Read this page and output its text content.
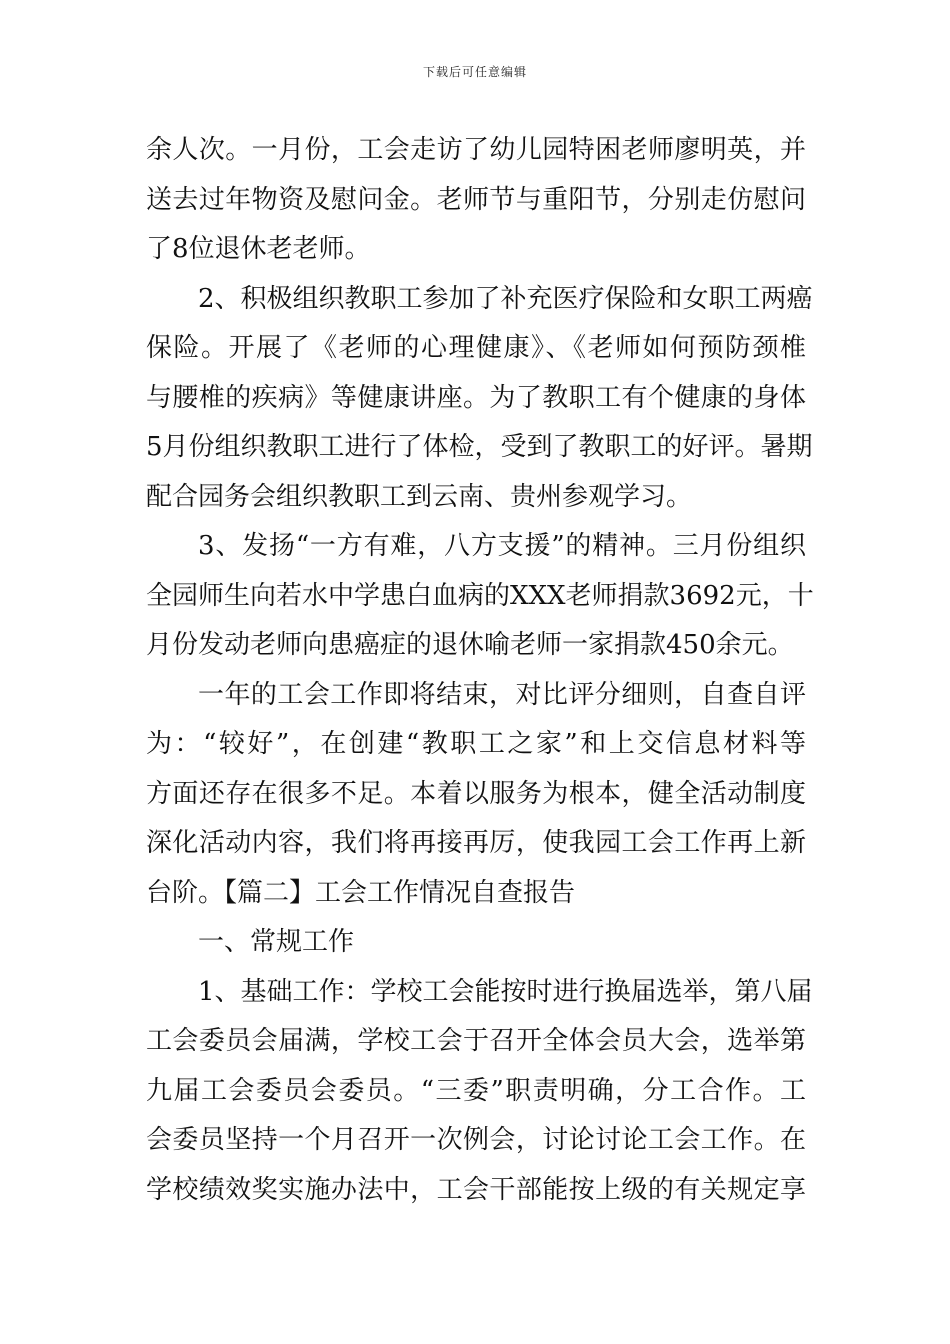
下载后可任意编辑
余人次。一月份，工会走访了幼儿园特困老师廖明英，并
送去过年物资及慰问金。老师节与重阳节，分别走仿慰问
了8位退休老老师。
2、积极组织教职工参加了补充医疗保险和女职工两癌
保险。开展了《老师的心理健康》、《老师如何预防颈椎
与腰椎的疾病》等健康讲座。为了教职工有个健康的身体
5月份组织教职工进行了体检，受到了教职工的好评。暑期
配合园务会组织教职工到云南、贵州参观学习。
3、发扬“一方有难，八方支援”的精神。三月份组织
全园师生向若水中学患白血病的XXX老师捐款3692元，十
月份发动老师向患癌症的退休喻老师一家捐款450余元。
一年的工会工作即将结束，对比评分细则，自查自评
为：“较好”，在创建“教职工之家”和上交信息材料等
方面还存在很多不足。本着以服务为根本，健全活动制度
深化活动内容，我们将再接再厉，使我园工会工作再上新
台阶。【篇二】工会工作情况自查报告
一、常规工作
1、基础工作：学校工会能按时进行换届选举，第八届
工会委员会届满，学校工会于召开全体会员大会，选举第
九届工会委员会委员。“三委”职责明确，分工合作。工
会委员坚持一个月召开一次例会，讨论讨论工会工作。在
学校绩效奖实施办法中，工会干部能按上级的有关规定享
